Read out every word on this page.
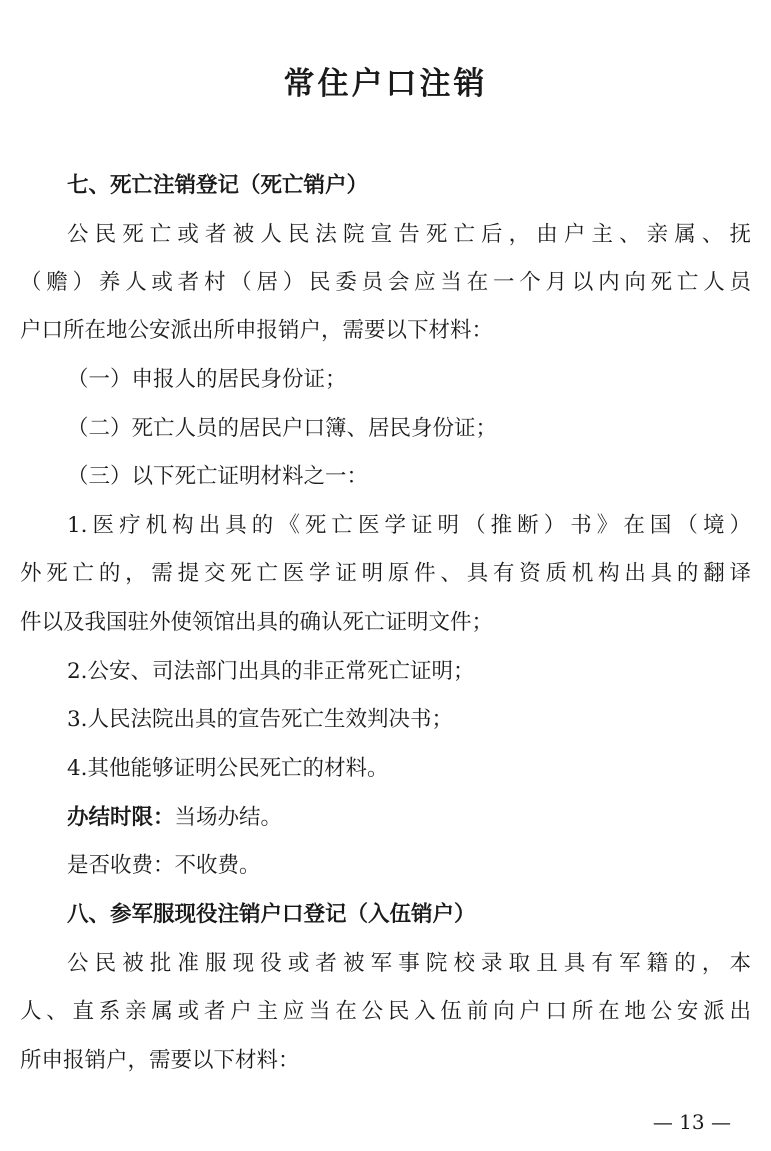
常住户口注销
七、死亡注销登记（死亡销户）
公民死亡或者被人民法院宣告死亡后，由户主、亲属、抚
（赡）养人或者村（居）民委员会应当在一个月以内向死亡人员
户口所在地公安派出所申报销户，需要以下材料：
（一）申报人的居民身份证；
（二）死亡人员的居民户口簿、居民身份证；
（三）以下死亡证明材料之一：
1.医疗机构出具的《死亡医学证明（推断）书》在国（境）
外死亡的，需提交死亡医学证明原件、具有资质机构出具的翻译
件以及我国驻外使领馆出具的确认死亡证明文件；
2.公安、司法部门出具的非正常死亡证明；
3.人民法院出具的宣告死亡生效判决书；
4.其他能够证明公民死亡的材料。
办结时限：当场办结。
是否收费：不收费。
八、参军服现役注销户口登记（入伍销户）
公民被批准服现役或者被军事院校录取且具有军籍的，本
人、直系亲属或者户主应当在公民入伍前向户口所在地公安派出
所申报销户，需要以下材料：
— 13 —
